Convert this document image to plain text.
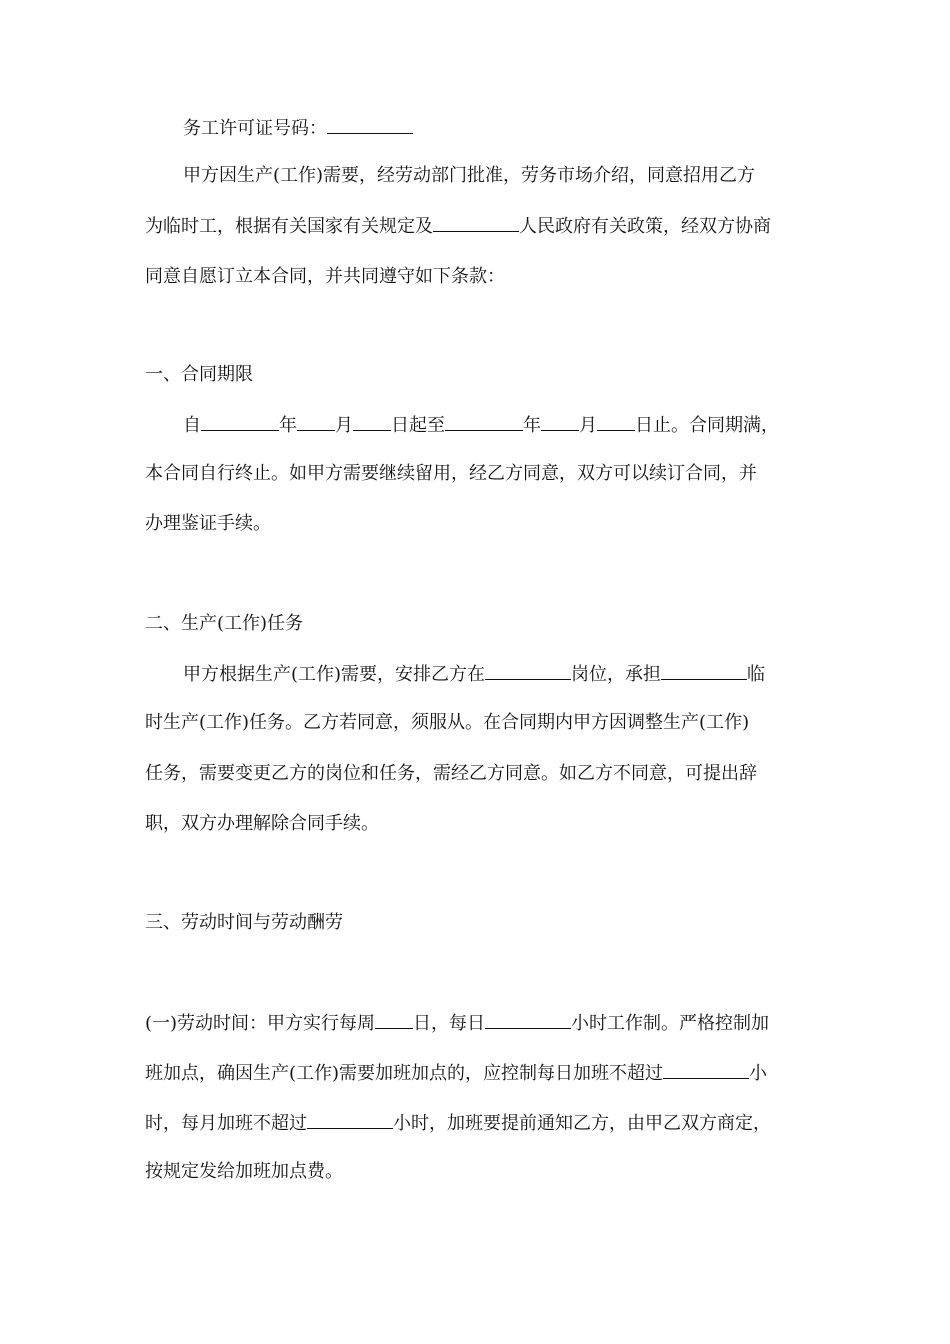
务工许可证号码：
甲方因生产(工作)需要，经劳动部门批准，劳务市场介绍，同意招用乙方
为临时工，根据有关国家有关规定及	人民政府有关政策，经双方协商
同意自愿订立本合同，并共同遵守如下条款：
一、合同期限
自	年 月 日起至	年 月 日止。合同期满，
本合同自行终止。如甲方需要继续留用，经乙方同意，双方可以续订合同，并
办理鉴证手续。
二、生产(工作)任务
甲方根据生产(工作)需要，安排乙方在	岗位，承担	临
时生产(工作)任务。乙方若同意，须服从。在合同期内甲方因调整生产(工作)
任务，需要变更乙方的岗位和任务，需经乙方同意。如乙方不同意，可提出辞
职，双方办理解除合同手续。
三、劳动时间与劳动酬劳
(一)劳动时间：甲方实行每周 日，每日	小时工作制。严格控制加
班加点，确因生产(工作)需要加班加点的，应控制每日加班不超过	小
时，每月加班不超过	小时，加班要提前通知乙方，由甲乙双方商定，
按规定发给加班加点费。
